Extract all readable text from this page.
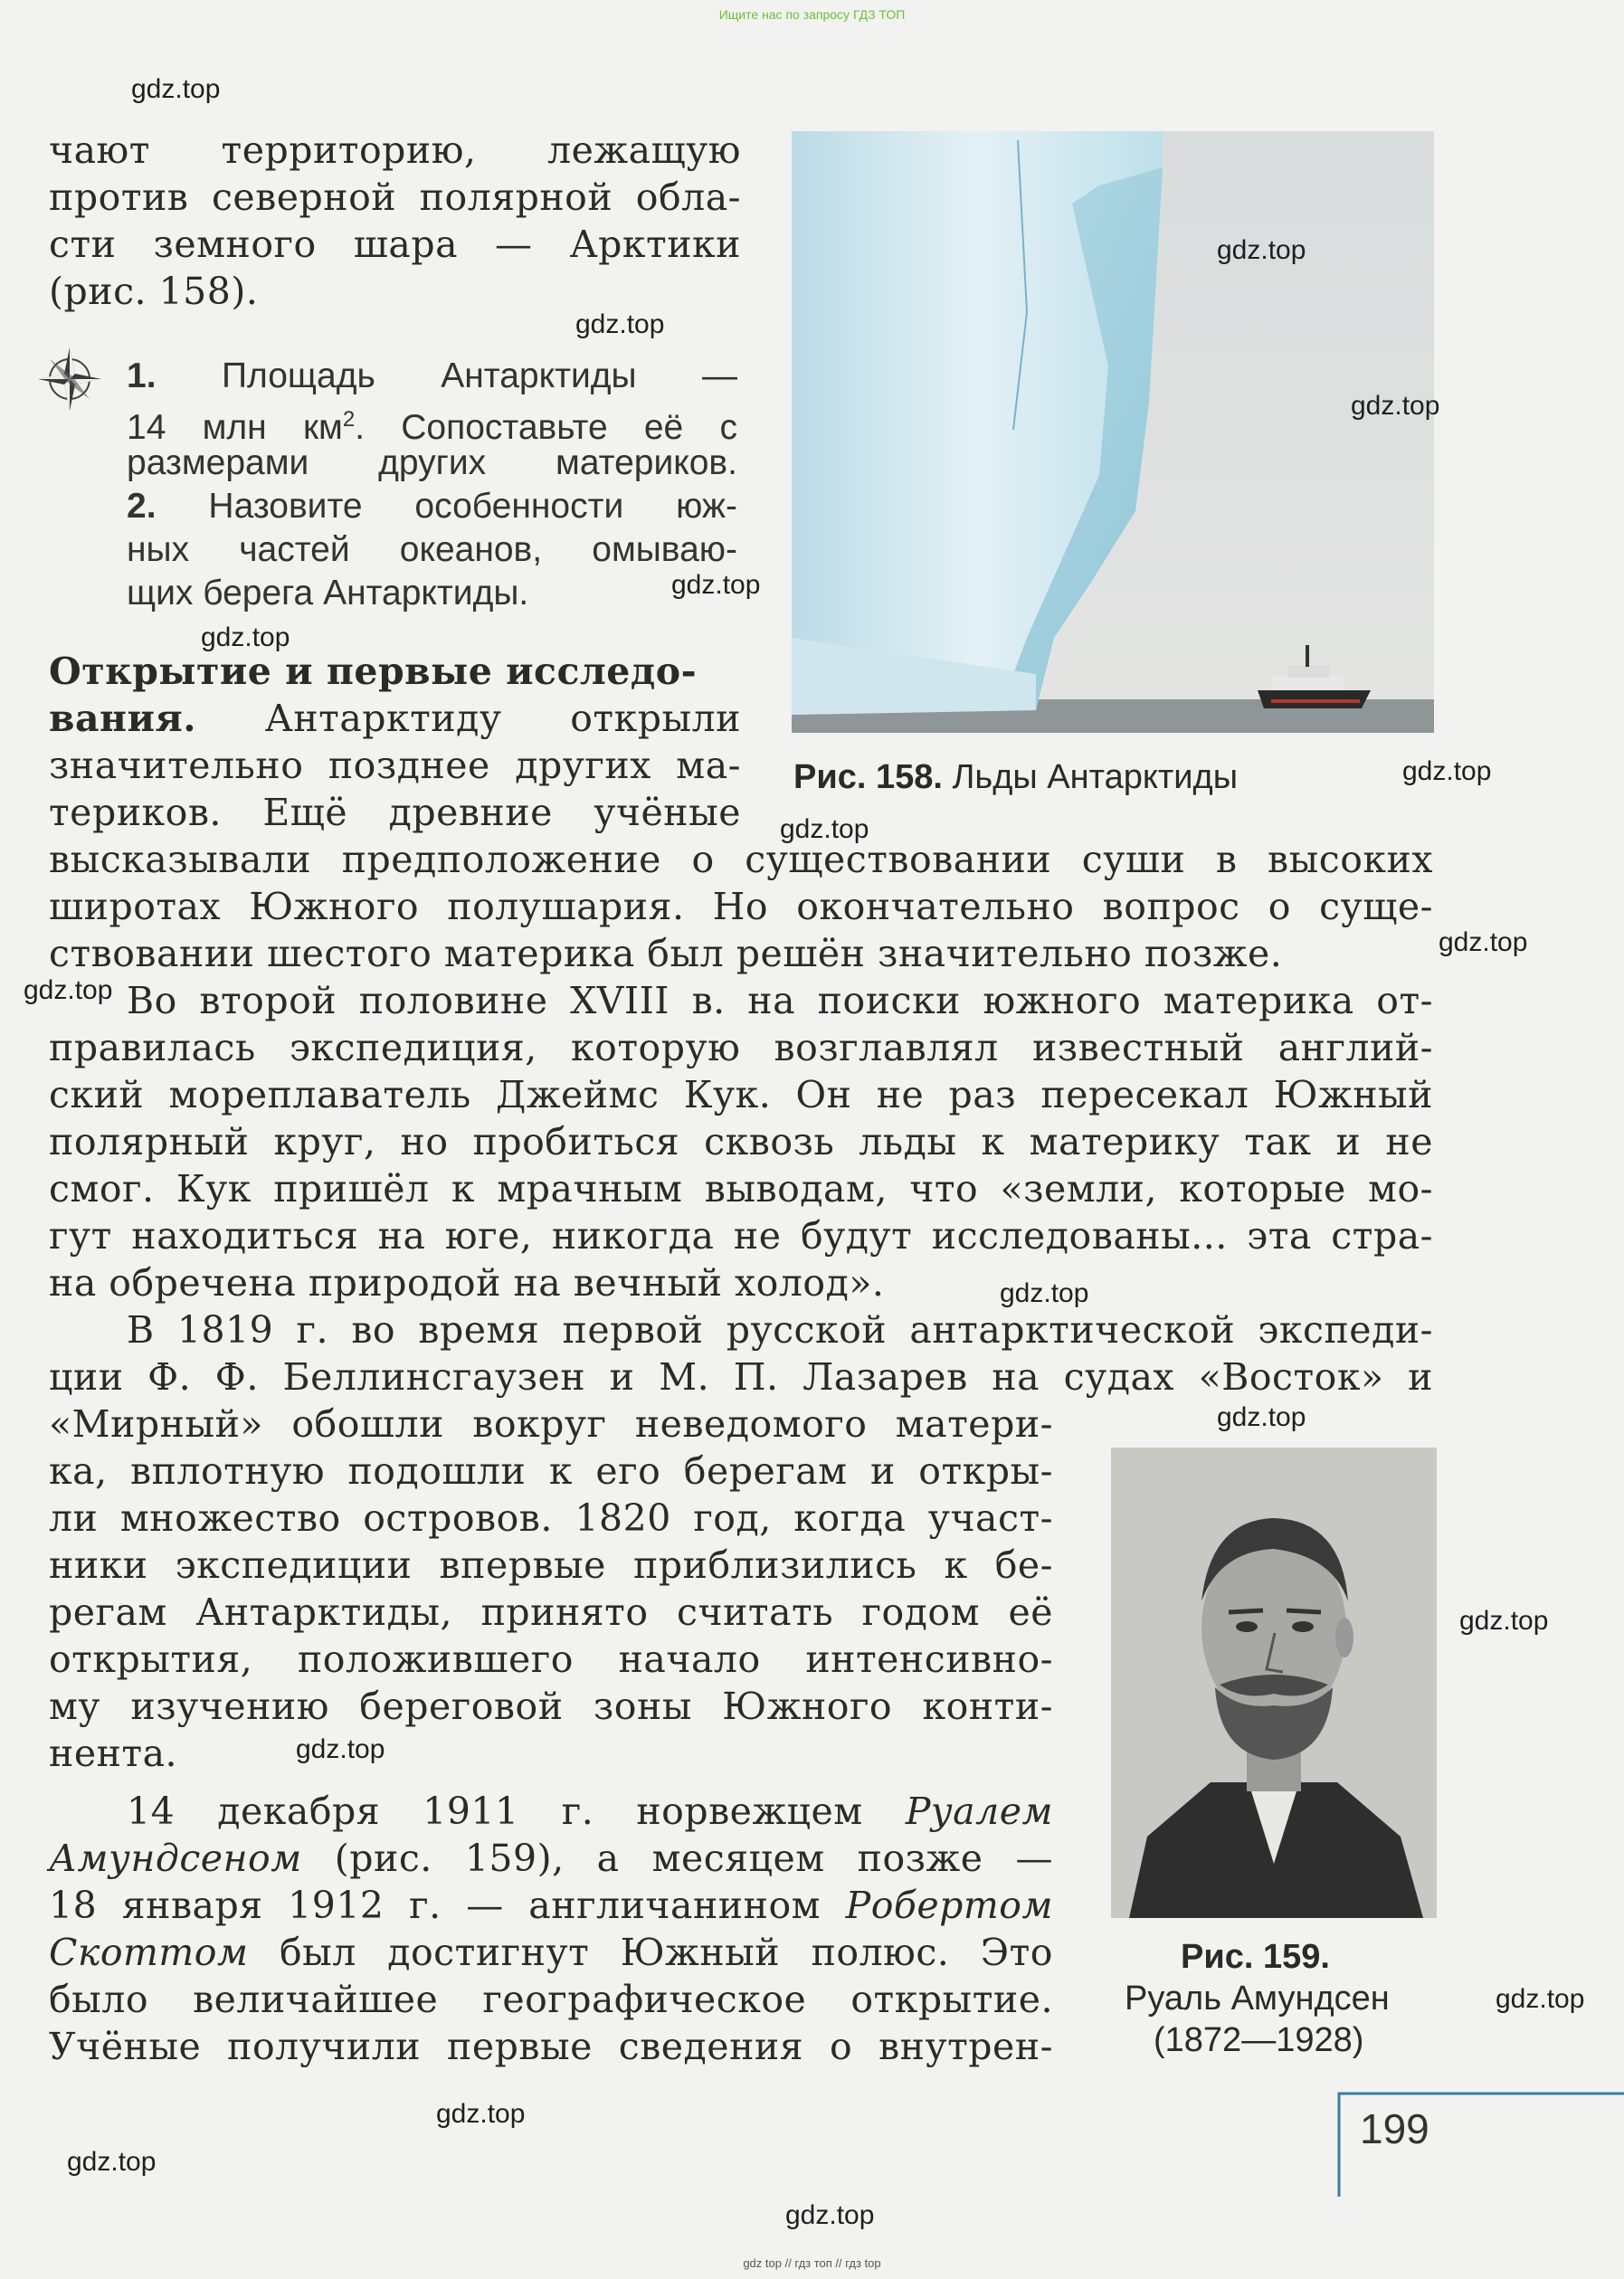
Ищите нас по запросу ГДЗ ТОП
gdz top // гдз топ // гдз top
Рис. 158. Льды Антарктиды
Рис. 159.
Руаль Амундсен
(1872—1928)
чают территорию, лежащую
против северной полярной обла-
сти земного шара — Арктики
(рис. 158).
1. Площадь Антарктиды —
14 млн $км^2$. Сопоставьте её с
размерами других материков.
2. Назовите особенности юж-
ных частей океанов, омываю-
щих берега Антарктиды.
Открытие и первые исследо-
вания. Антарктиду открыли
значительно позднее других ма-
териков. Ещё древние учёные
высказывали предположение о существовании суши в высоких
широтах Южного полушария. Но окончательно вопрос о суще-
ствовании шестого материка был решён значительно позже.
Во второй половине XVIII в. на поиски южного материка от-
правилась экспедиция, которую возглавлял известный англий-
ский мореплаватель Джеймс Кук. Он не раз пересекал Южный
полярный круг, но пробиться сквозь льды к материку так и не
смог. Кук пришёл к мрачным выводам, что «земли, которые мо-
гут находиться на юге, никогда не будут исследованы... эта стра-
на обречена природой на вечный холод».
В 1819 г. во время первой русской антарктической экспеди-
ции Ф. Ф. Беллинсгаузен и М. П. Лазарев на судах «Восток» и
«Мирный» обошли вокруг неведомого матери-
ка, вплотную подошли к его берегам и откры-
ли множество островов. 1820 год, когда участ-
ники экспедиции впервые приблизились к бе-
регам Антарктиды, принято считать годом её
открытия, положившего начало интенсивно-
му изучению береговой зоны Южного конти-
нента.
14 декабря 1911 г. норвежцем Руалем
Амундсеном (рис. 159), а месяцем позже —
18 января 1912 г. — англичанином Робертом
Скоттом был достигнут Южный полюс. Это
было величайшее географическое открытие.
Учёные получили первые сведения о внутрен-
199
gdz.top
gdz.top
gdz.top
gdz.top
gdz.top
gdz.top
gdz.top
gdz.top
gdz.top
gdz.top
gdz.top
gdz.top
gdz.top
gdz.top
gdz.top
gdz.top
gdz.top
gdz.top
